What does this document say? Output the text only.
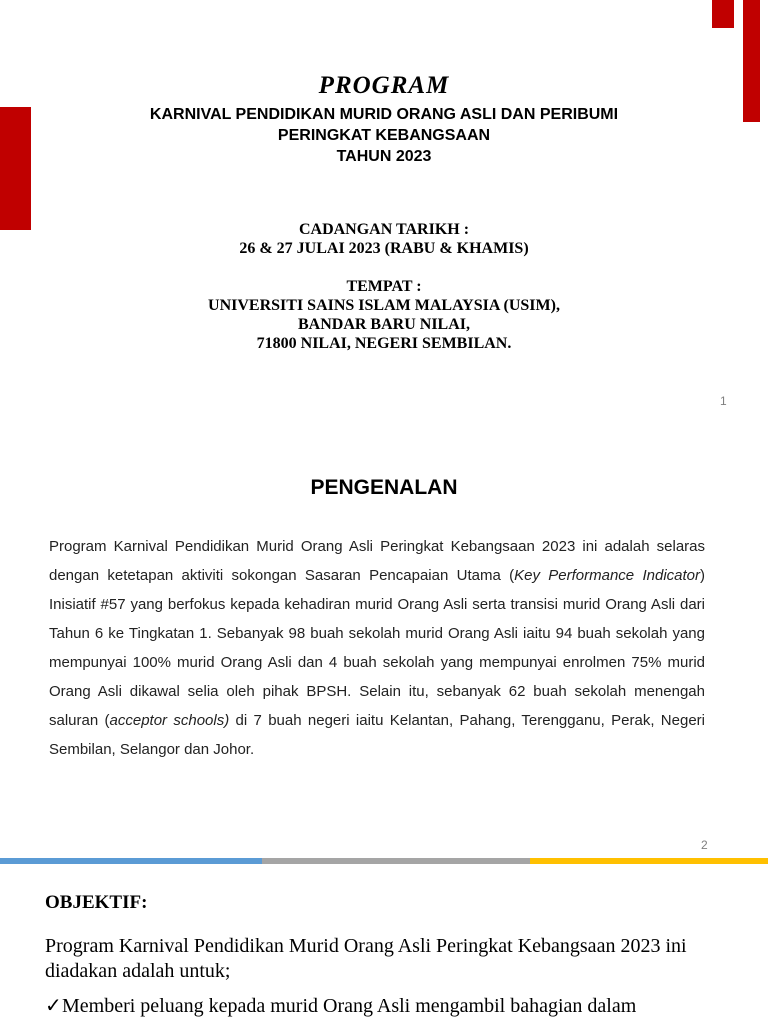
PROGRAM
KARNIVAL PENDIDIKAN MURID ORANG ASLI DAN PERIBUMI
PERINGKAT KEBANGSAAN
TAHUN 2023
CADANGAN TARIKH :
26 & 27 JULAI 2023 (RABU & KHAMIS)
TEMPAT :
UNIVERSITI SAINS ISLAM MALAYSIA (USIM),
BANDAR BARU NILAI,
71800 NILAI, NEGERI SEMBILAN.
1
PENGENALAN

Program Karnival Pendidikan Murid Orang Asli Peringkat Kebangsaan 2023 ini adalah selaras dengan ketetapan aktiviti sokongan Sasaran Pencapaian Utama (Key Performance Indicator) Inisiatif #57 yang berfokus kepada kehadiran murid Orang Asli serta transisi murid Orang Asli dari Tahun 6 ke Tingkatan 1. Sebanyak 98 buah sekolah murid Orang Asli iaitu 94 buah sekolah yang mempunyai 100% murid Orang Asli dan 4 buah sekolah yang mempunyai enrolmen 75% murid Orang Asli dikawal selia oleh pihak BPSH. Selain itu, sebanyak 62 buah sekolah menengah saluran (acceptor schools) di 7 buah negeri iaitu Kelantan, Pahang, Terengganu, Perak, Negeri Sembilan, Selangor dan Johor.

2
OBJEKTIF:

Program Karnival Pendidikan Murid Orang Asli Peringkat Kebangsaan 2023 ini diadakan adalah untuk;

✓Memberi peluang kepada murid Orang Asli mengambil bahagian dalam
